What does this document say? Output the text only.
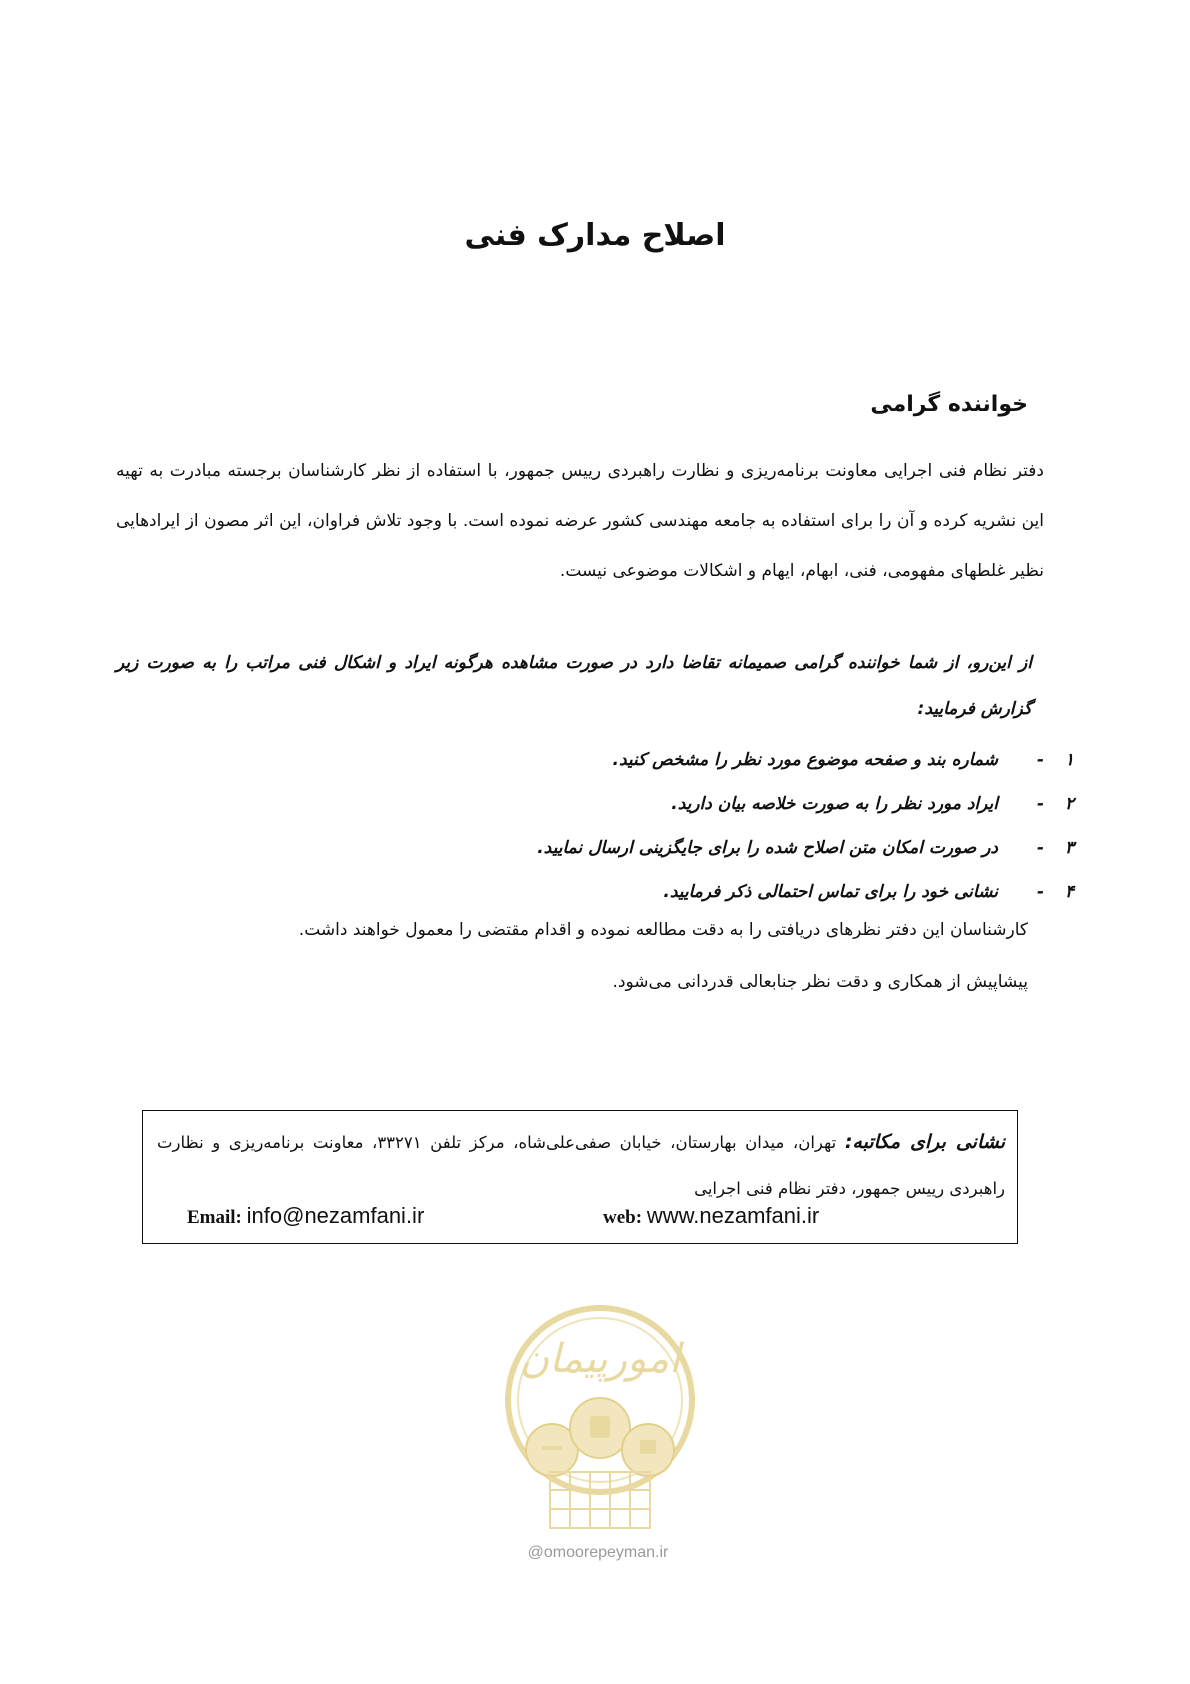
اصلاح مدارک فنی
خواننده گرامی
دفتر نظام فنی اجرایی معاونت برنامه‌ریزی و نظارت راهبردی رییس جمهور، با استفاده از نظر کارشناسان برجسته مبادرت به تهیه این نشریه کرده و آن را برای استفاده به جامعه مهندسی کشور عرضه نموده است. با وجود تلاش فراوان، این اثر مصون از ایرادهایی نظیر غلطهای مفهومی، فنی، ابهام، ایهام و اشکالات موضوعی نیست.
از این‌رو، از شما خواننده گرامی صمیمانه تقاضا دارد در صورت مشاهده هرگونه ایراد و اشکال فنی مراتب را به صورت زیر گزارش فرمایید:
۱
-
شماره بند و صفحه موضوع مورد نظر را مشخص کنید.
۲
-
ایراد مورد نظر را به صورت خلاصه بیان دارید.
۳
-
در صورت امکان متن اصلاح شده را برای جایگزینی ارسال نمایید.
۴
-
نشانی خود را برای تماس احتمالی ذکر فرمایید.

کارشناسان این دفتر نظرهای دریافتی را به دقت مطالعه نموده و اقدام مقتضی را معمول خواهند داشت.

پیشاپیش از همکاری و دقت نظر جنابعالی قدردانی می‌شود.

نشانی برای مکاتبه: تهران، میدان بهارستان، خیابان صفی‌علی‌شاه، مرکز تلفن ۳۳۲۷۱، معاونت برنامه‌ریزی و نظارت راهبردی رییس جمهور، دفتر نظام فنی اجرایی
Email: info@nezamfani.ir	web: www.nezamfani.ir
امورپیمان
@omoorepeyman.ir
